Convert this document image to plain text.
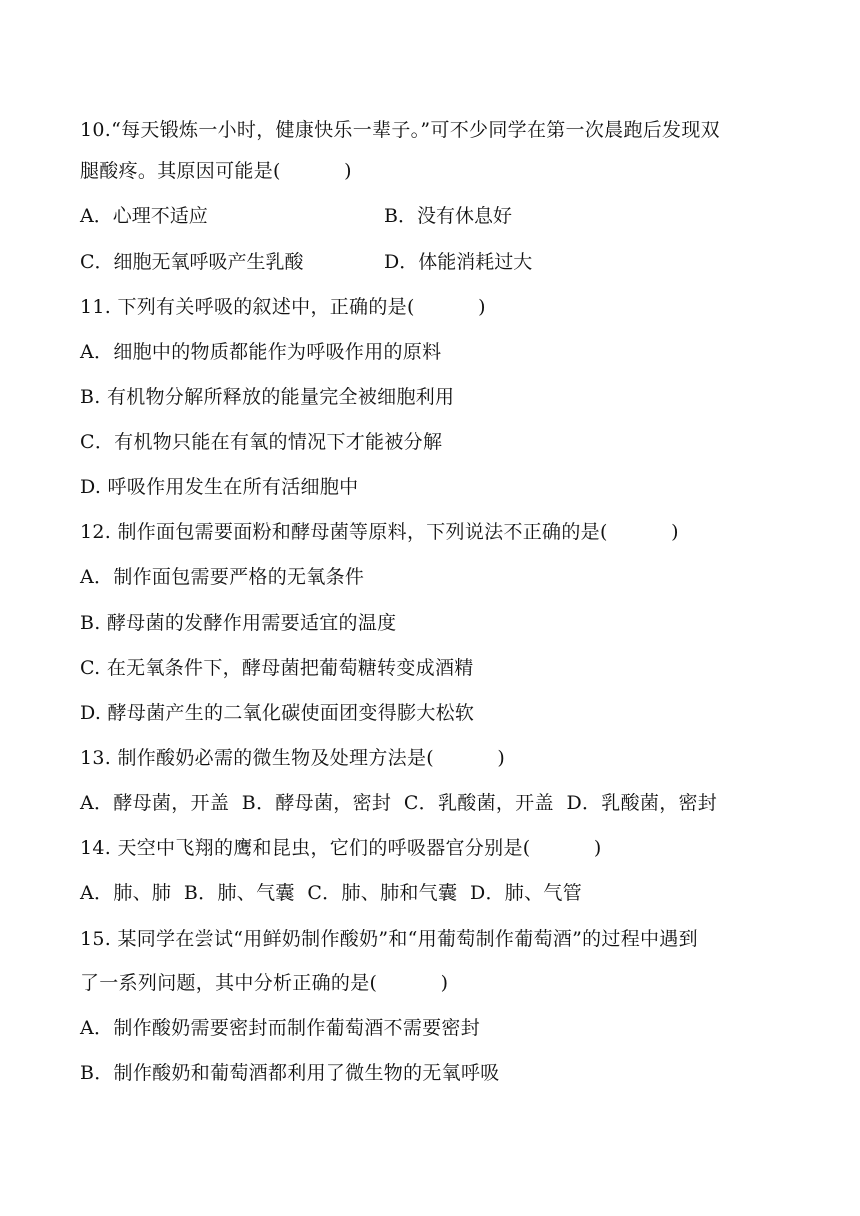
10.“每天锻炼一小时，健康快乐一辈子。”可不少同学在第一次晨跑后发现双
腿酸疼。其原因可能是(          )
A．心理不适应	B．没有休息好
C．细胞无氧呼吸产生乳酸	D．体能消耗过大
11. 下列有关呼吸的叙述中，正确的是(          )
A．细胞中的物质都能作为呼吸作用的原料
B. 有机物分解所释放的能量完全被细胞利用
C．有机物只能在有氧的情况下才能被分解
D. 呼吸作用发生在所有活细胞中
12. 制作面包需要面粉和酵母菌等原料，下列说法不正确的是(          )
A．制作面包需要严格的无氧条件
B. 酵母菌的发酵作用需要适宜的温度
C. 在无氧条件下，酵母菌把葡萄糖转变成酒精
D. 酵母菌产生的二氧化碳使面团变得膨大松软
13. 制作酸奶必需的微生物及处理方法是(          )
A．酵母菌，开盖  B．酵母菌，密封  C．乳酸菌，开盖  D．乳酸菌，密封
14. 天空中飞翔的鹰和昆虫，它们的呼吸器官分别是(          )
A．肺、肺  B．肺、气囊  C．肺、肺和气囊  D．肺、气管
15. 某同学在尝试“用鲜奶制作酸奶”和“用葡萄制作葡萄酒”的过程中遇到
了一系列问题，其中分析正确的是(          )
A．制作酸奶需要密封而制作葡萄酒不需要密封
B．制作酸奶和葡萄酒都利用了微生物的无氧呼吸
